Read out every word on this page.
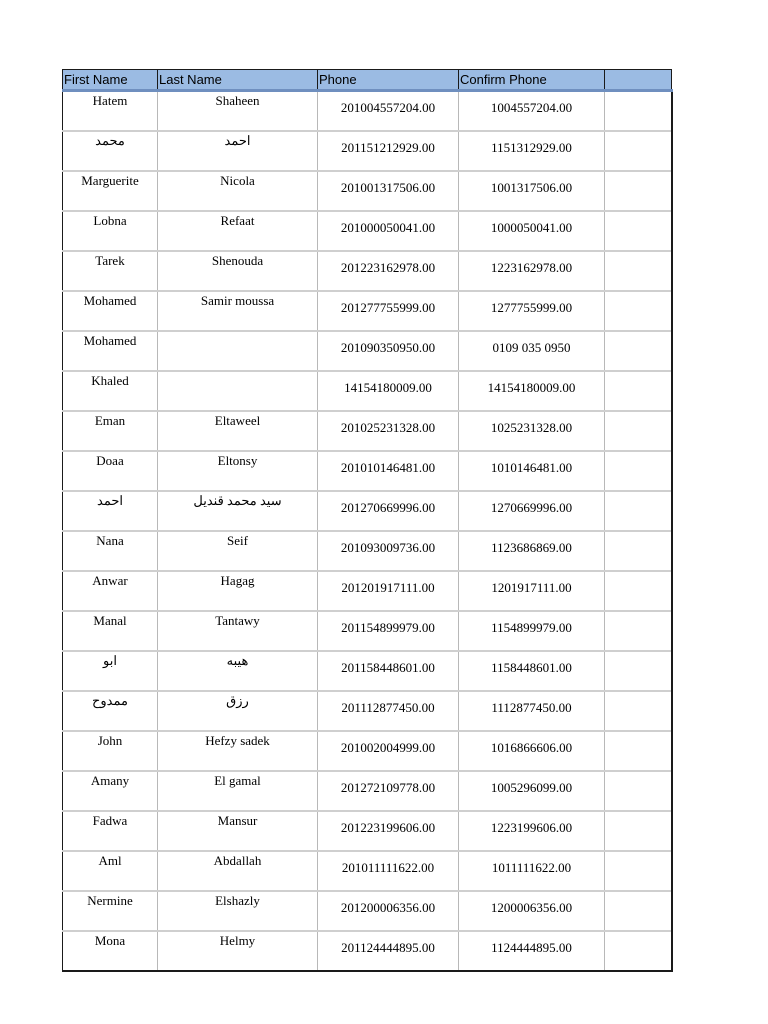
First Name	Last Name	Phone	Confirm Phone	
Hatem	Shaheen	201004557204.00	1004557204.00	
محمد	احمد	201151212929.00	1151312929.00	
Marguerite	Nicola	201001317506.00	1001317506.00	
Lobna	Refaat	201000050041.00	1000050041.00	
Tarek	Shenouda	201223162978.00	1223162978.00	
Mohamed	Samir moussa	201277755999.00	1277755999.00	
Mohamed		201090350950.00	0109 035 0950	
Khaled		14154180009.00	14154180009.00	
Eman	Eltaweel	201025231328.00	1025231328.00	
Doaa	Eltonsy	201010146481.00	1010146481.00	
احمد	سيد محمد قنديل	201270669996.00	1270669996.00	
Nana	Seif	201093009736.00	1123686869.00	
Anwar	Hagag	201201917111.00	1201917111.00	
Manal	Tantawy	201154899979.00	1154899979.00	
ابو	هيبه	201158448601.00	1158448601.00	
ممدوح	رزق	201112877450.00	1112877450.00	
John	Hefzy sadek	201002004999.00	1016866606.00	
Amany	El gamal	201272109778.00	1005296099.00	
Fadwa	Mansur	201223199606.00	1223199606.00	
Aml	Abdallah	201011111622.00	1011111622.00	
Nermine	Elshazly	201200006356.00	1200006356.00	
Mona	Helmy	201124444895.00	1124444895.00	
